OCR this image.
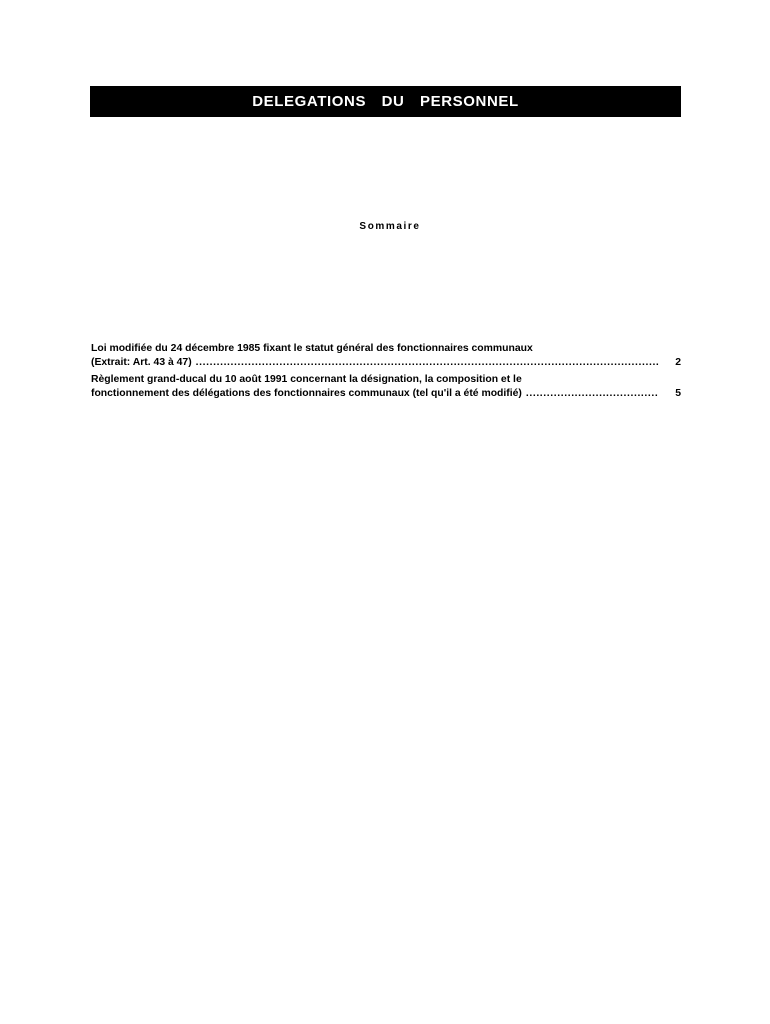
DELEGATIONS  DU  PERSONNEL
Sommaire
Loi modifiée du 24 décembre 1985 fixant le statut général des fonctionnaires communaux
(Extrait: Art. 43 à 47) .....	2
Règlement grand-ducal du 10 août 1991 concernant la désignation, la composition et le
fonctionnement des délégations des fonctionnaires communaux (tel qu'il a été modifié) .....	5
